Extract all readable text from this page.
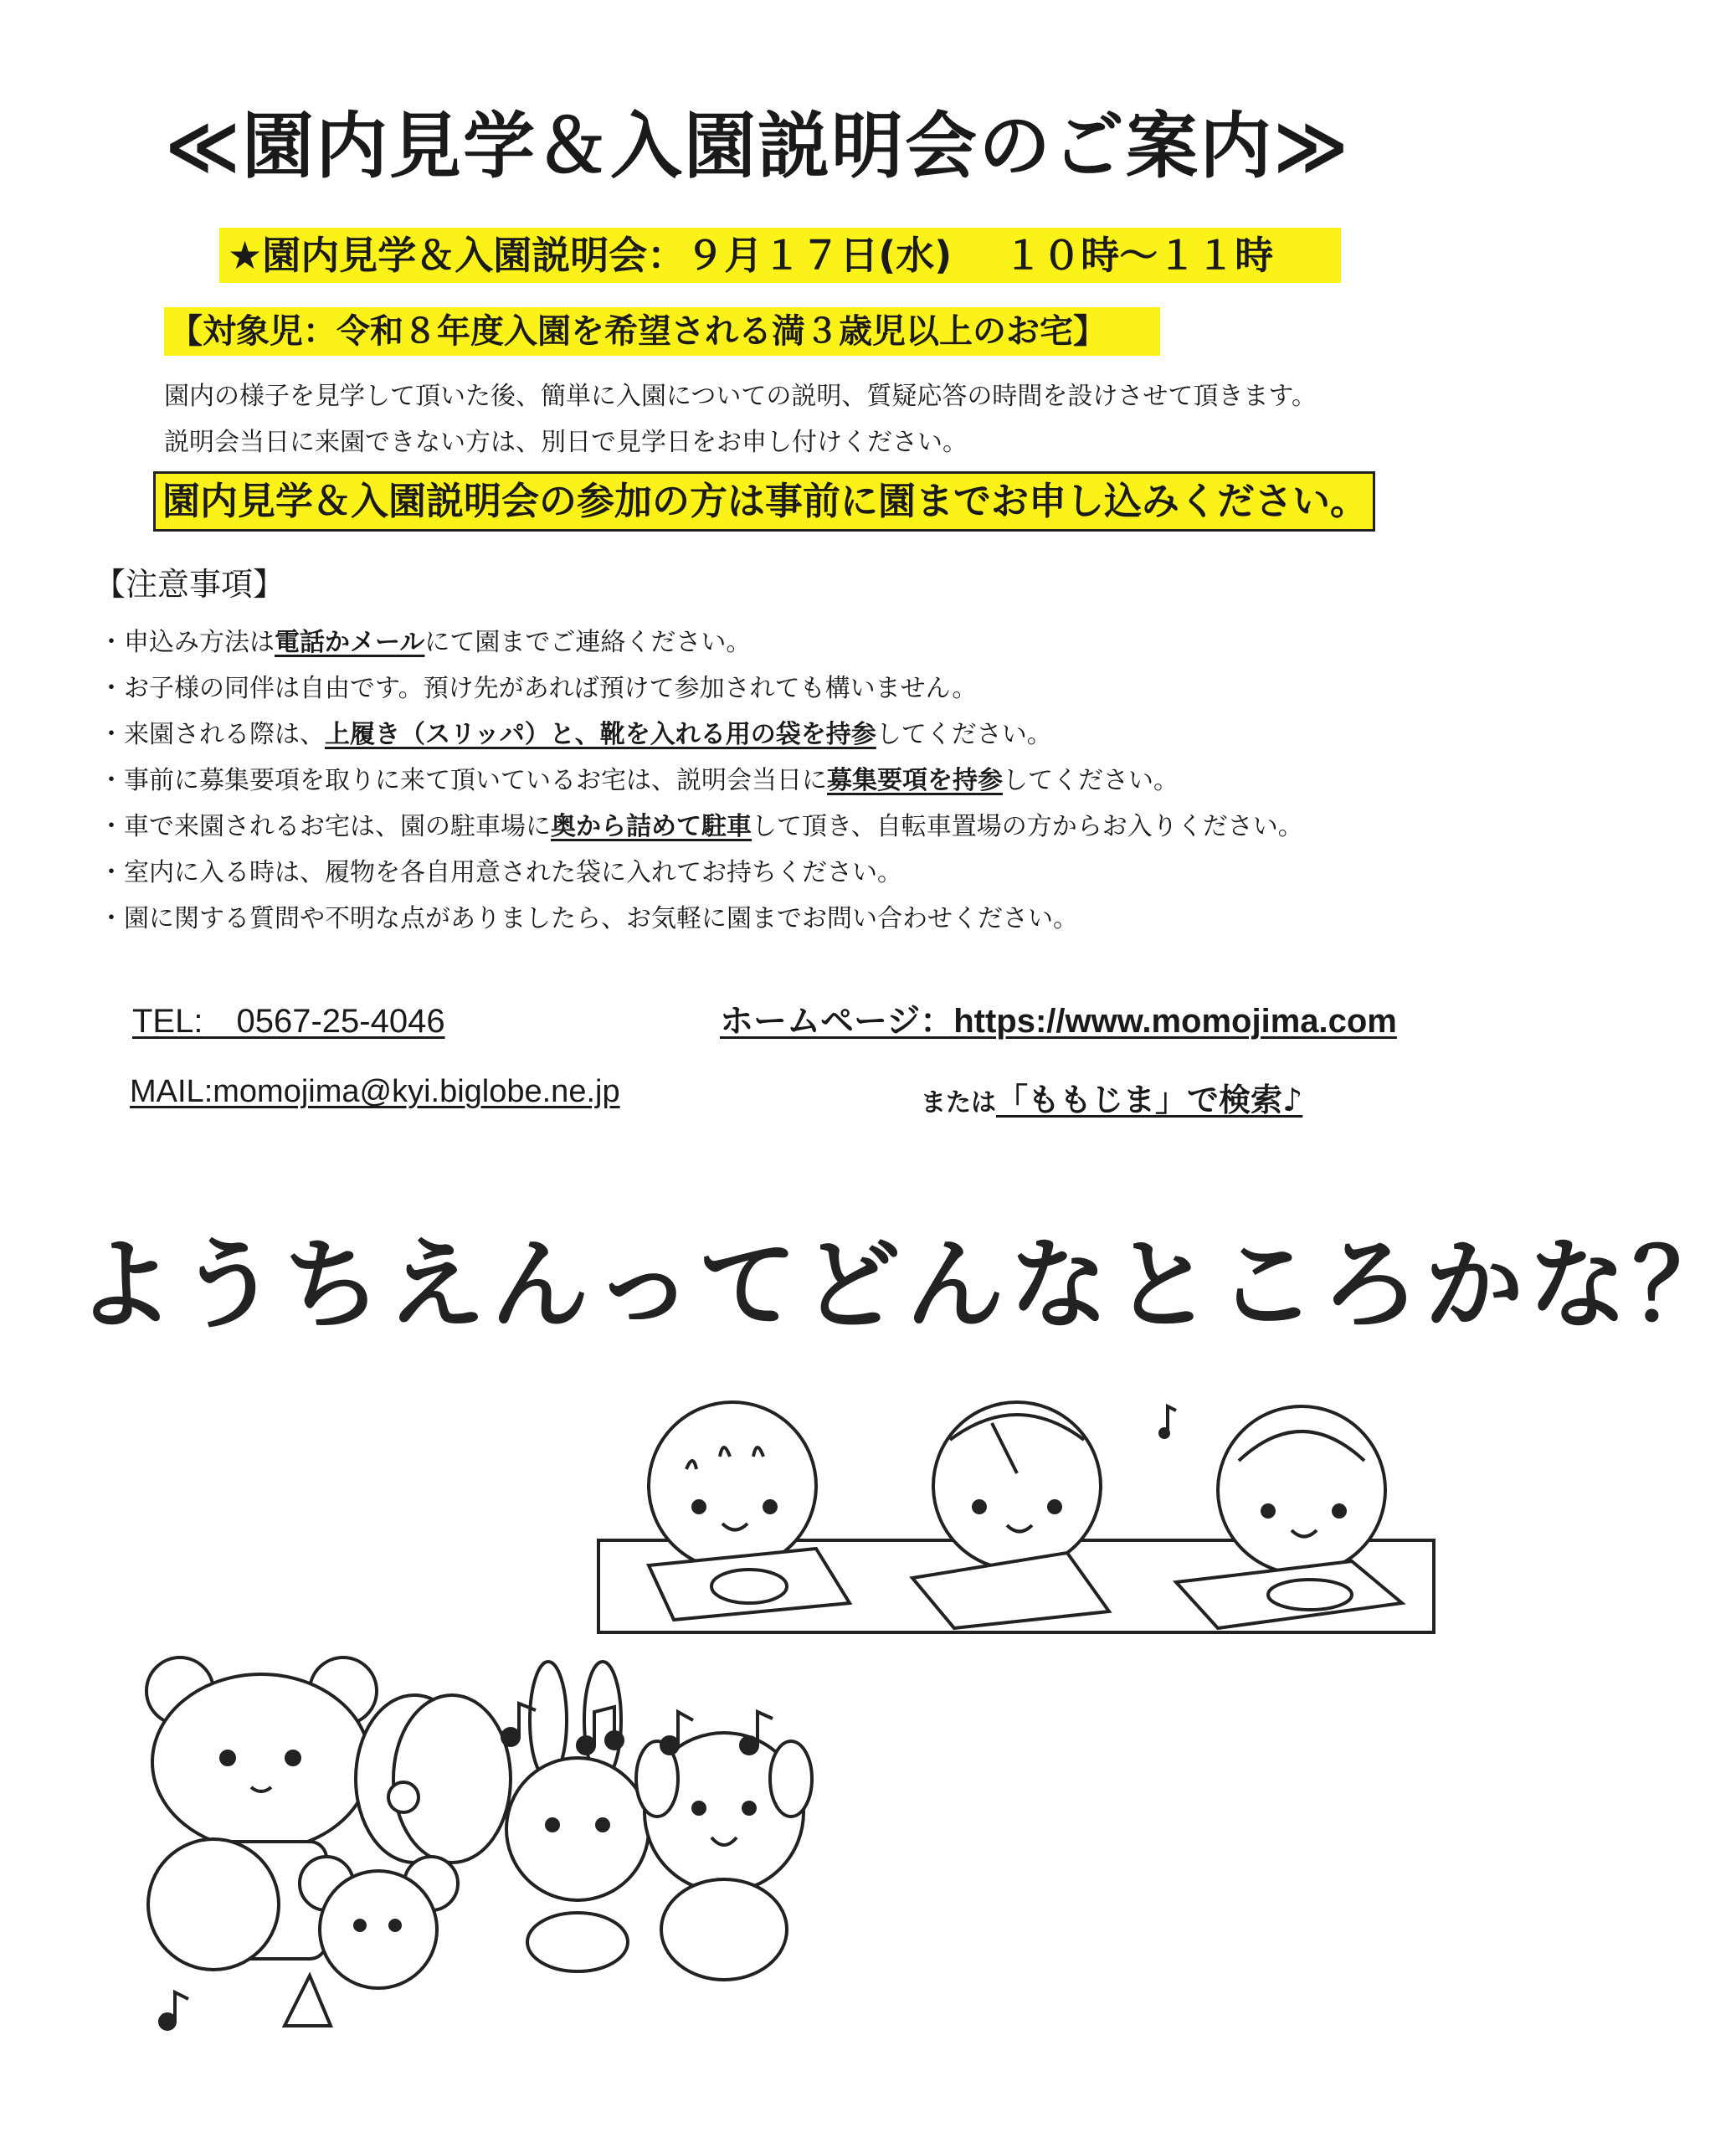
≪園内見学＆入園説明会のご案内≫
★園内見学＆入園説明会：９月１７日(水)　 １０時～１１時
【対象児：令和８年度入園を希望される満３歳児以上のお宅】
園内の様子を見学して頂いた後、簡単に入園についての説明、質疑応答の時間を設けさせて頂きます。
説明会当日に来園できない方は、別日で見学日をお申し付けください。
園内見学＆入園説明会の参加の方は事前に園までお申し込みください。
【注意事項】
・申込み方法は電話かメールにて園までご連絡ください。
・お子様の同伴は自由です。預け先があれば預けて参加されても構いません。
・来園される際は、上履き（スリッパ）と、靴を入れる用の袋を持参してください。
・事前に募集要項を取りに来て頂いているお宅は、説明会当日に募集要項を持参してください。
・車で来園されるお宅は、園の駐車場に奥から詰めて駐車して頂き、自転車置場の方からお入りください。
・室内に入る時は、履物を各自用意された袋に入れてお持ちください。
・園に関する質問や不明な点がありましたら、お気軽に園までお問い合わせください。
TEL:　0567-25-4046	ホームページ：https://www.momojima.com
MAIL:momojima@kyi.biglobe.ne.jp	または「ももじま」で検索♪
ようちえんってどんなところかな？
